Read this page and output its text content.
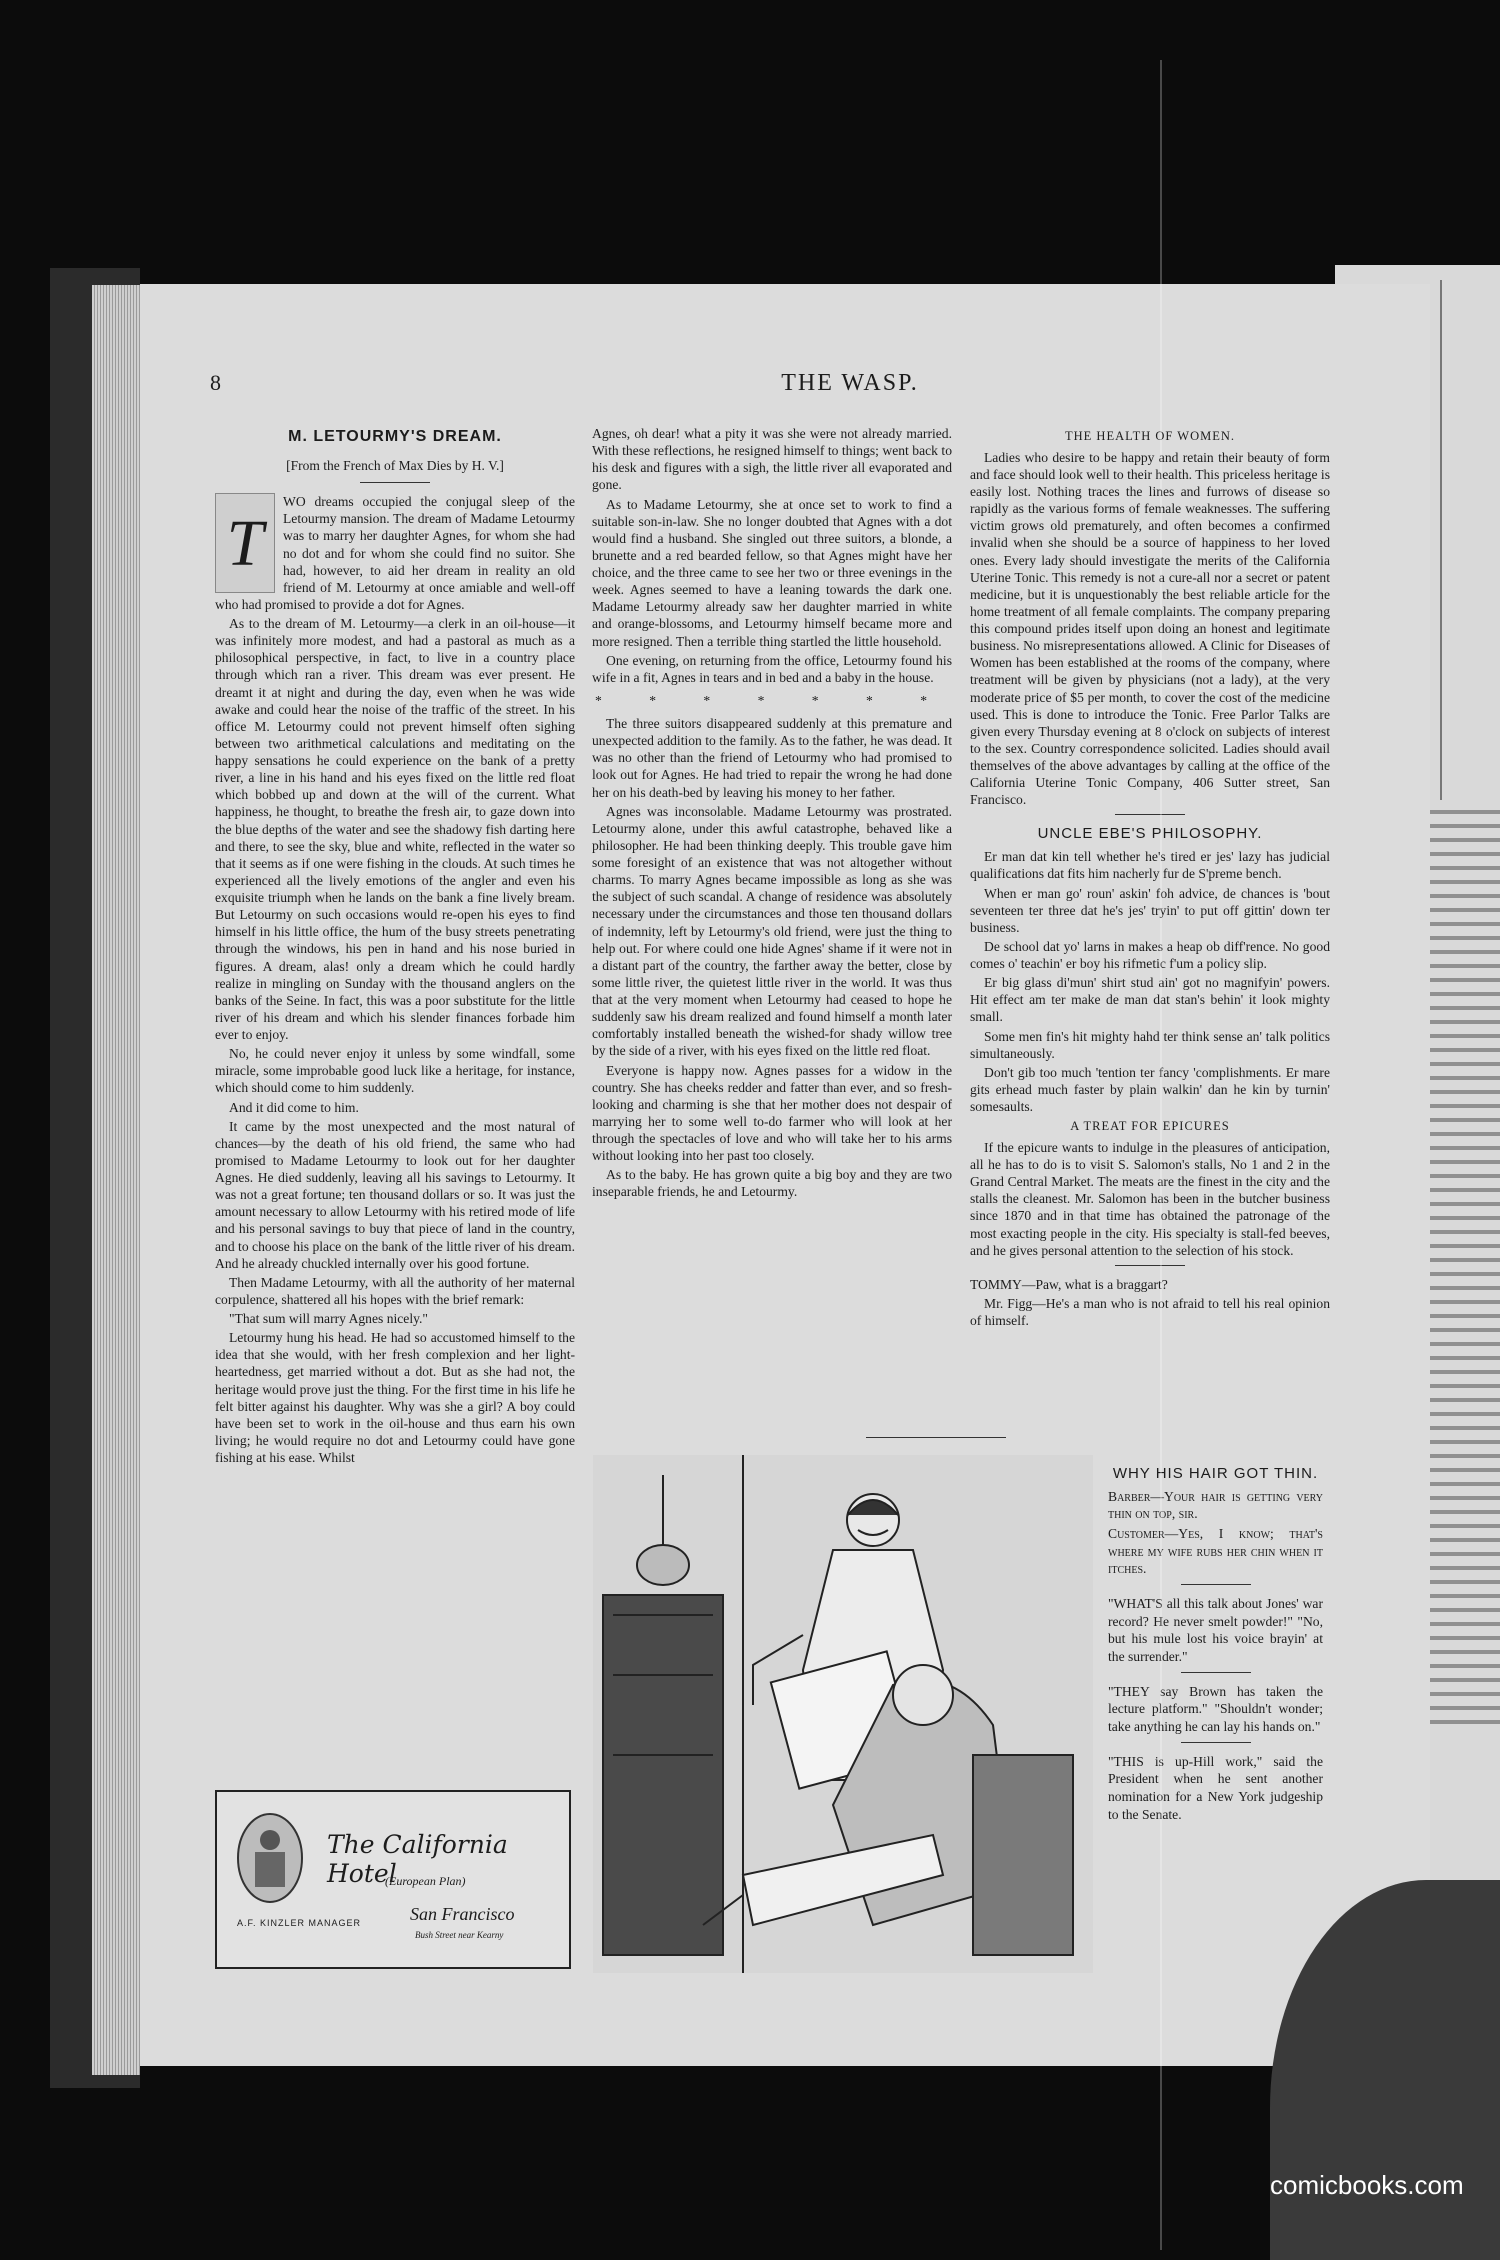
8	THE WASP.
M. LETOURMY'S DREAM.
[From the French of Max Dies by H. V.]
T

WO dreams occupied the conjugal sleep of the Letourmy mansion. The dream of Madame Letourmy was to marry her daughter Agnes, for whom she had no dot and for whom she could find no suitor. She had, however, to aid her dream in reality an old friend of M. Letourmy at once amiable and well-off who had promised to provide a dot for Agnes.

As to the dream of M. Letourmy—a clerk in an oil-house—it was infinitely more modest, and had a pastoral as much as a philosophical perspective, in fact, to live in a country place through which ran a river. This dream was ever present. He dreamt it at night and during the day, even when he was wide awake and could hear the noise of the traffic of the street. In his office M. Letourmy could not prevent himself often sighing between two arithmetical calculations and meditating on the happy sensations he could experience on the bank of a pretty river, a line in his hand and his eyes fixed on the little red float which bobbed up and down at the will of the current. What happiness, he thought, to breathe the fresh air, to gaze down into the blue depths of the water and see the shadowy fish darting here and there, to see the sky, blue and white, reflected in the water so that it seems as if one were fishing in the clouds. At such times he experienced all the lively emotions of the angler and even his exquisite triumph when he lands on the bank a fine lively bream. But Letourmy on such occasions would re-open his eyes to find himself in his little office, the hum of the busy streets penetrating through the windows, his pen in hand and his nose buried in figures. A dream, alas! only a dream which he could hardly realize in mingling on Sunday with the thousand anglers on the banks of the Seine. In fact, this was a poor substitute for the little river of his dream and which his slender finances forbade him ever to enjoy.

No, he could never enjoy it unless by some windfall, some miracle, some improbable good luck like a heritage, for instance, which should come to him suddenly.

And it did come to him.

It came by the most unexpected and the most natural of chances—by the death of his old friend, the same who had promised to Madame Letourmy to look out for her daughter Agnes. He died suddenly, leaving all his savings to Letourmy. It was not a great fortune; ten thousand dollars or so. It was just the amount necessary to allow Letourmy with his retired mode of life and his personal savings to buy that piece of land in the country, and to choose his place on the bank of the little river of his dream. And he already chuckled internally over his good fortune.

Then Madame Letourmy, with all the authority of her maternal corpulence, shattered all his hopes with the brief remark:

"That sum will marry Agnes nicely."

Letourmy hung his head. He had so accustomed himself to the idea that she would, with her fresh complexion and her light-heartedness, get married without a dot. But as she had not, the heritage would prove just the thing. For the first time in his life he felt bitter against his daughter. Why was she a girl? A boy could have been set to work in the oil-house and thus earn his own living; he would require no dot and Letourmy could have gone fishing at his ease. Whilst

Agnes, oh dear! what a pity it was she were not already married. With these reflections, he resigned himself to things; went back to his desk and figures with a sigh, the little river all evaporated and gone.

As to Madame Letourmy, she at once set to work to find a suitable son-in-law. She no longer doubted that Agnes with a dot would find a husband. She singled out three suitors, a blonde, a brunette and a red bearded fellow, so that Agnes might have her choice, and the three came to see her two or three evenings in the week. Agnes seemed to have a leaning towards the dark one. Madame Letourmy already saw her daughter married in white and orange-blossoms, and Letourmy himself became more and more resigned. Then a terrible thing startled the little household.

One evening, on returning from the office, Letourmy found his wife in a fit, Agnes in tears and in bed and a baby in the house.

* * * * * * *

The three suitors disappeared suddenly at this premature and unexpected addition to the family. As to the father, he was dead. It was no other than the friend of Letourmy who had promised to look out for Agnes. He had tried to repair the wrong he had done her on his death-bed by leaving his money to her father.

Agnes was inconsolable. Madame Letourmy was prostrated. Letourmy alone, under this awful catastrophe, behaved like a philosopher. He had been thinking deeply. This trouble gave him some foresight of an existence that was not altogether without charms. To marry Agnes became impossible as long as she was the subject of such scandal. A change of residence was absolutely necessary under the circumstances and those ten thousand dollars of indemnity, left by Letourmy's old friend, were just the thing to help out. For where could one hide Agnes' shame if it were not in a distant part of the country, the farther away the better, close by some little river, the quietest little river in the world. It was thus that at the very moment when Letourmy had ceased to hope he suddenly saw his dream realized and found himself a month later comfortably installed beneath the wished-for shady willow tree by the side of a river, with his eyes fixed on the little red float.

Everyone is happy now. Agnes passes for a widow in the country. She has cheeks redder and fatter than ever, and so fresh-looking and charming is she that her mother does not despair of marrying her to some well to-do farmer who will look at her through the spectacles of love and who will take her to his arms without looking into her past too closely.

As to the baby. He has grown quite a big boy and they are two inseparable friends, he and Letourmy.

THE HEALTH OF WOMEN.

Ladies who desire to be happy and retain their beauty of form and face should look well to their health. This priceless heritage is easily lost. Nothing traces the lines and furrows of disease so rapidly as the various forms of female weaknesses. The suffering victim grows old prematurely, and often becomes a confirmed invalid when she should be a source of happiness to her loved ones. Every lady should investigate the merits of the California Uterine Tonic. This remedy is not a cure-all nor a secret or patent medicine, but it is unquestionably the best reliable article for the home treatment of all female complaints. The company preparing this compound prides itself upon doing an honest and legitimate business. No misrepresentations allowed. A Clinic for Diseases of Women has been established at the rooms of the company, where treatment will be given by physicians (not a lady), at the very moderate price of $5 per month, to cover the cost of the medicine used. This is done to introduce the Tonic. Free Parlor Talks are given every Thursday evening at 8 o'clock on subjects of interest to the sex. Country correspondence solicited. Ladies should avail themselves of the above advantages by calling at the office of the California Uterine Tonic Company, 406 Sutter street, San Francisco.

UNCLE EBE'S PHILOSOPHY.

Er man dat kin tell whether he's tired er jes' lazy has judicial qualifications dat fits him nacherly fur de S'preme bench.

When er man go' roun' askin' foh advice, de chances is 'bout seventeen ter three dat he's jes' tryin' to put off gittin' down ter business.

De school dat yo' larns in makes a heap ob diff'rence. No good comes o' teachin' er boy his rifmetic f'um a policy slip.

Er big glass di'mun' shirt stud ain' got no magnifyin' powers. Hit effect am ter make de man dat stan's behin' it look mighty small.

Some men fin's hit mighty hahd ter think sense an' talk politics simultaneously.

Don't gib too much 'tention ter fancy 'complishments. Er mare gits erhead much faster by plain walkin' dan he kin by turnin' somesaults.

A TREAT FOR EPICURES

If the epicure wants to indulge in the pleasures of anticipation, all he has to do is to visit S. Salomon's stalls, No 1 and 2 in the Grand Central Market. The meats are the finest in the city and the stalls the cleanest. Mr. Salomon has been in the butcher business since 1870 and in that time has obtained the patronage of the most exacting people in the city. His specialty is stall-fed beeves, and he gives personal attention to the selection of his stock.

TOMMY—Paw, what is a braggart?

Mr. Figg—He's a man who is not afraid to tell his real opinion of himself.

WHY HIS HAIR GOT THIN.

Barber—Your hair is getting very thin on top, sir.

Customer—Yes, I know; that's where my wife rubs her chin when it itches.

"WHAT'S all this talk about Jones' war record? He never smelt powder!" "No, but his mule lost his voice brayin' at the surrender."

"THEY say Brown has taken the lecture platform." "Shouldn't wonder; take anything he can lay his hands on."

"THIS is up-Hill work," said the President when he sent another nomination for a New York judgeship to the Senate.

The California Hotel
(European Plan)
A.F. KINZLER MANAGER	San Francisco
Bush Street near Kearny
comicbooks.com
